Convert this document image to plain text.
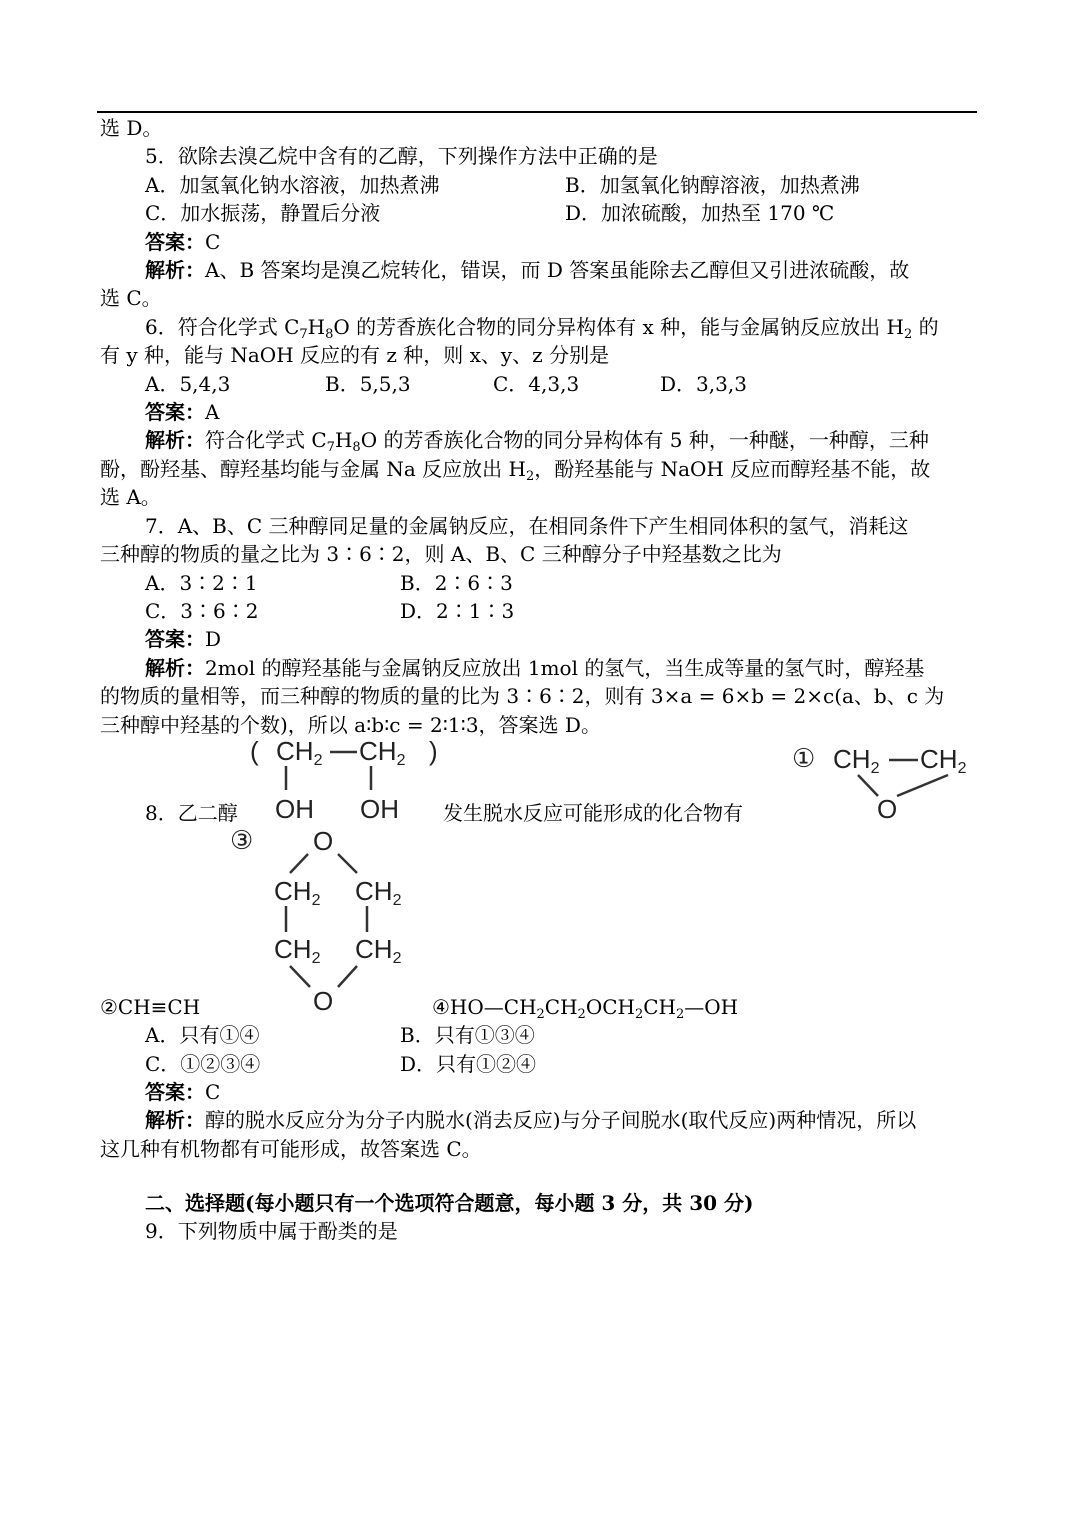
选 D。
5．欲除去溴乙烷中含有的乙醇，下列操作方法中正确的是
A．加氢氧化钠水溶液，加热煮沸	B．加氢氧化钠醇溶液，加热煮沸
C．加水振荡，静置后分液	D．加浓硫酸，加热至 170 ℃
答案：C
解析：A、B 答案均是溴乙烷转化，错误，而 D 答案虽能除去乙醇但又引进浓硫酸，故
选 C。
6．符合化学式 $C_7H_8O$ 的芳香族化合物的同分异构体有 x 种，能与金属钠反应放出 $H_2$ 的
有 y 种，能与 NaOH 反应的有 z 种，则 x、y、z 分别是
A．5,4,3	B．5,5,3	C．4,3,3	D．3,3,3
答案：A
解析：符合化学式 $C_7H_8O$ 的芳香族化合物的同分异构体有 5 种，一种醚，一种醇，三种
酚，酚羟基、醇羟基均能与金属 Na 反应放出 $H_2$，酚羟基能与 NaOH 反应而醇羟基不能，故
选 A。
7．A、B、C 三种醇同足量的金属钠反应，在相同条件下产生相同体积的氢气，消耗这
三种醇的物质的量之比为 3∶6∶2，则 A、B、C 三种醇分子中羟基数之比为
A．3∶2∶1	B．2∶6∶3
C．3∶6∶2	D．2∶1∶3
答案：D
解析：2mol 的醇羟基能与金属钠反应放出 1mol 的氢气，当生成等量的氢气时，醇羟基
的物质的量相等，而三种醇的物质的量的比为 3∶6∶2，则有 3×a = 6×b = 2×c(a、b、c 为
三种醇中羟基的个数)，所以 a∶b∶c = 2∶1∶3，答案选 D。
( $CH_2$ $CH_2$ )
OH OH
① $CH_2$ $CH_2$
O
8．乙二醇	发生脱水反应可能形成的化合物有
③ O
$CH_2$ $CH_2$
$CH_2$ $CH_2$
O
②CH≡CH	$④HO—CH_2CH_2OCH_2CH_2—OH$
A．只有①④	B．只有①③④
C．①②③④	D．只有①②④
答案：C
解析：醇的脱水反应分为分子内脱水(消去反应)与分子间脱水(取代反应)两种情况，所以
这几种有机物都有可能形成，故答案选 C。
二、选择题(每小题只有一个选项符合题意，每小题 3 分，共 30 分)
9．下列物质中属于酚类的是
